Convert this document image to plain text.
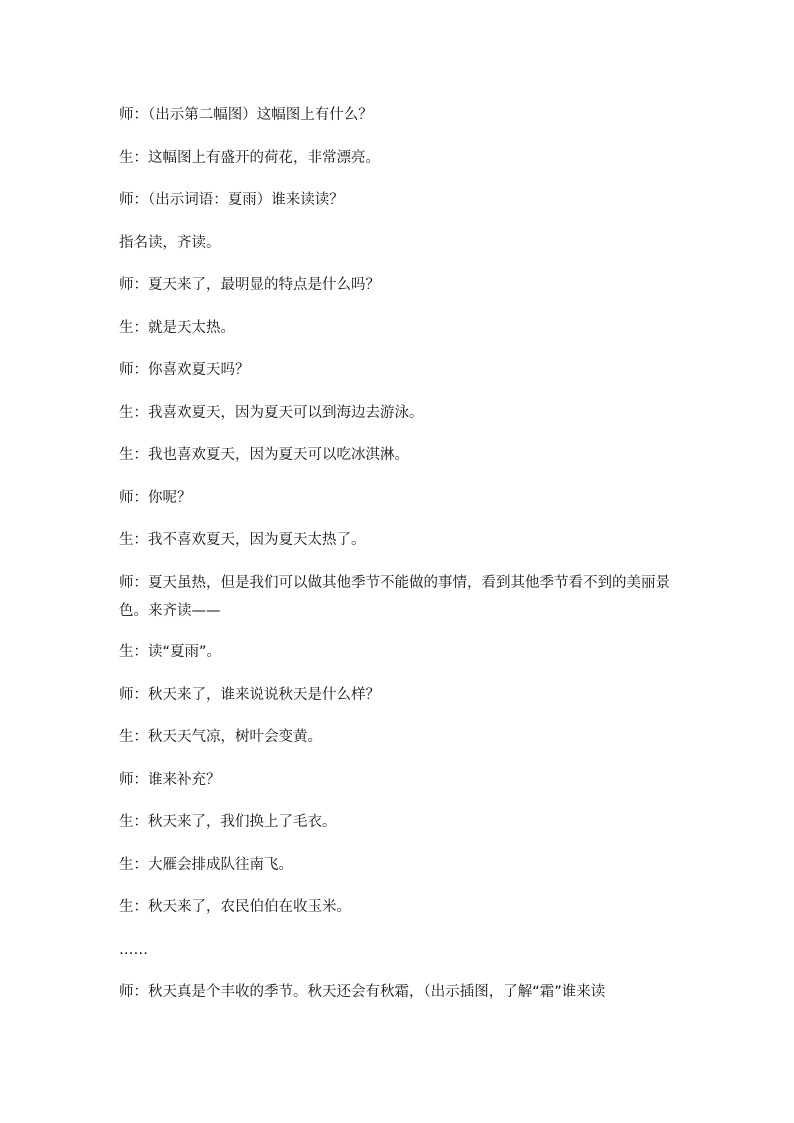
师：（出示第二幅图）这幅图上有什么？

生：这幅图上有盛开的荷花，非常漂亮。

师：（出示词语：夏雨）谁来读读？

指名读，齐读。

师：夏天来了，最明显的特点是什么吗？

生：就是天太热。

师：你喜欢夏天吗？

生：我喜欢夏天，因为夏天可以到海边去游泳。

生：我也喜欢夏天，因为夏天可以吃冰淇淋。

师：你呢？

生：我不喜欢夏天，因为夏天太热了。

师：夏天虽热，但是我们可以做其他季节不能做的事情，看到其他季节看不到的美丽景色。来齐读——

生：读“夏雨”。

师：秋天来了，谁来说说秋天是什么样？

生：秋天天气凉，树叶会变黄。

师：谁来补充？

生：秋天来了，我们换上了毛衣。

生：大雁会排成队往南飞。

生：秋天来了，农民伯伯在收玉米。

……

师：秋天真是个丰收的季节。秋天还会有秋霜，（出示插图，了解“霜”谁来读
